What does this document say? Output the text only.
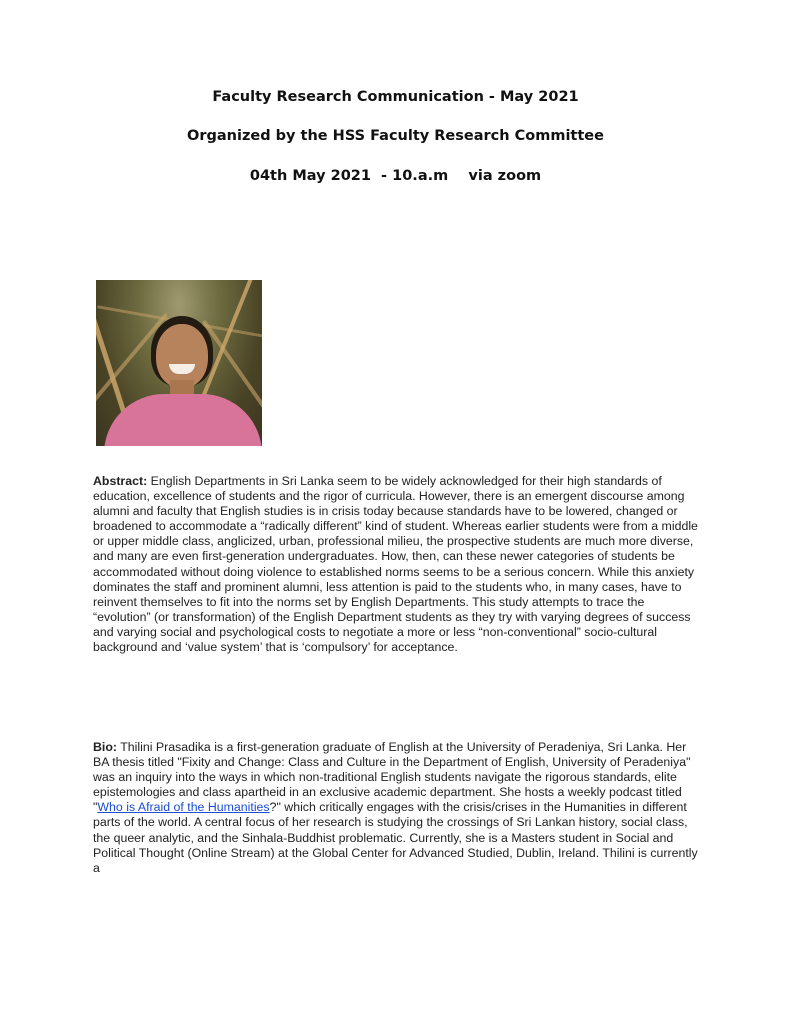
Faculty Research Communication - May 2021
Organized by the HSS Faculty Research Committee
04th May 2021  - 10.a.m    via zoom
Abstract: English Departments in Sri Lanka seem to be widely acknowledged for their high standards of education, excellence of students and the rigor of curricula. However, there is an emergent discourse among alumni and faculty that English studies is in crisis today because standards have to be lowered, changed or broadened to accommodate a “radically different” kind of student. Whereas earlier students were from a middle or upper middle class, anglicized, urban, professional milieu, the prospective students are much more diverse, and many are even first-generation undergraduates. How, then, can these newer categories of students be accommodated without doing violence to established norms seems to be a serious concern. While this anxiety dominates the staff and prominent alumni, less attention is paid to the students who, in many cases, have to reinvent themselves to fit into the norms set by English Departments. This study attempts to trace the “evolution” (or transformation) of the English Department students as they try with varying degrees of success and varying social and psychological costs to negotiate a more or less “non-conventional” socio-cultural background and ‘value system’ that is ‘compulsory’ for acceptance.
Bio: Thilini Prasadika is a first-generation graduate of English at the University of Peradeniya, Sri Lanka. Her BA thesis titled "Fixity and Change: Class and Culture in the Department of English, University of Peradeniya" was an inquiry into the ways in which non-traditional English students navigate the rigorous standards, elite epistemologies and class apartheid in an exclusive academic department. She hosts a weekly podcast titled "Who is Afraid of the Humanities?" which critically engages with the crisis/crises in the Humanities in different parts of the world. A central focus of her research is studying the crossings of Sri Lankan history, social class, the queer analytic, and the Sinhala-Buddhist problematic. Currently, she is a Masters student in Social and Political Thought (Online Stream) at the Global Center for Advanced Studied, Dublin, Ireland. Thilini is currently a
